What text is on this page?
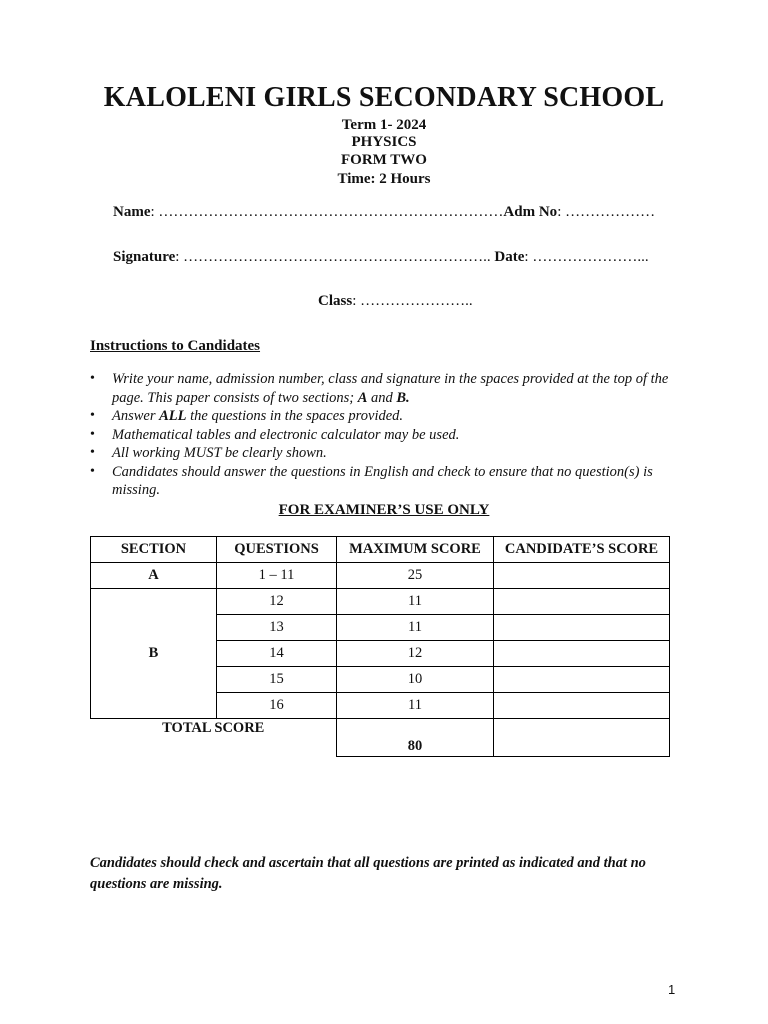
KALOLENI GIRLS SECONDARY SCHOOL
Term 1- 2024
PHYSICS
FORM TWO
Time: 2 Hours
Name: ……………………………………………………………Adm No: ………………
Signature: …………………………………………………….. Date: …………………...
Class: …………………..
Instructions to Candidates
• Write your name, admission number, class and signature in the spaces provided at the top of the page. This paper consists of two sections; A and B.
• Answer ALL the questions in the spaces provided.
• Mathematical tables and electronic calculator may be used.
• All working MUST be clearly shown.
• Candidates should answer the questions in English and check to ensure that no question(s) is missing.
FOR EXAMINER’S USE ONLY
SECTION	QUESTIONS	MAXIMUM SCORE	CANDIDATE’S SCORE
A	1 – 11	25	
B	12	11	
	13	11	
	14	12	
	15	10	
	16	11	
TOTAL SCORE		80	
Candidates should check and ascertain that all questions are printed as indicated and that no questions are missing.
1
